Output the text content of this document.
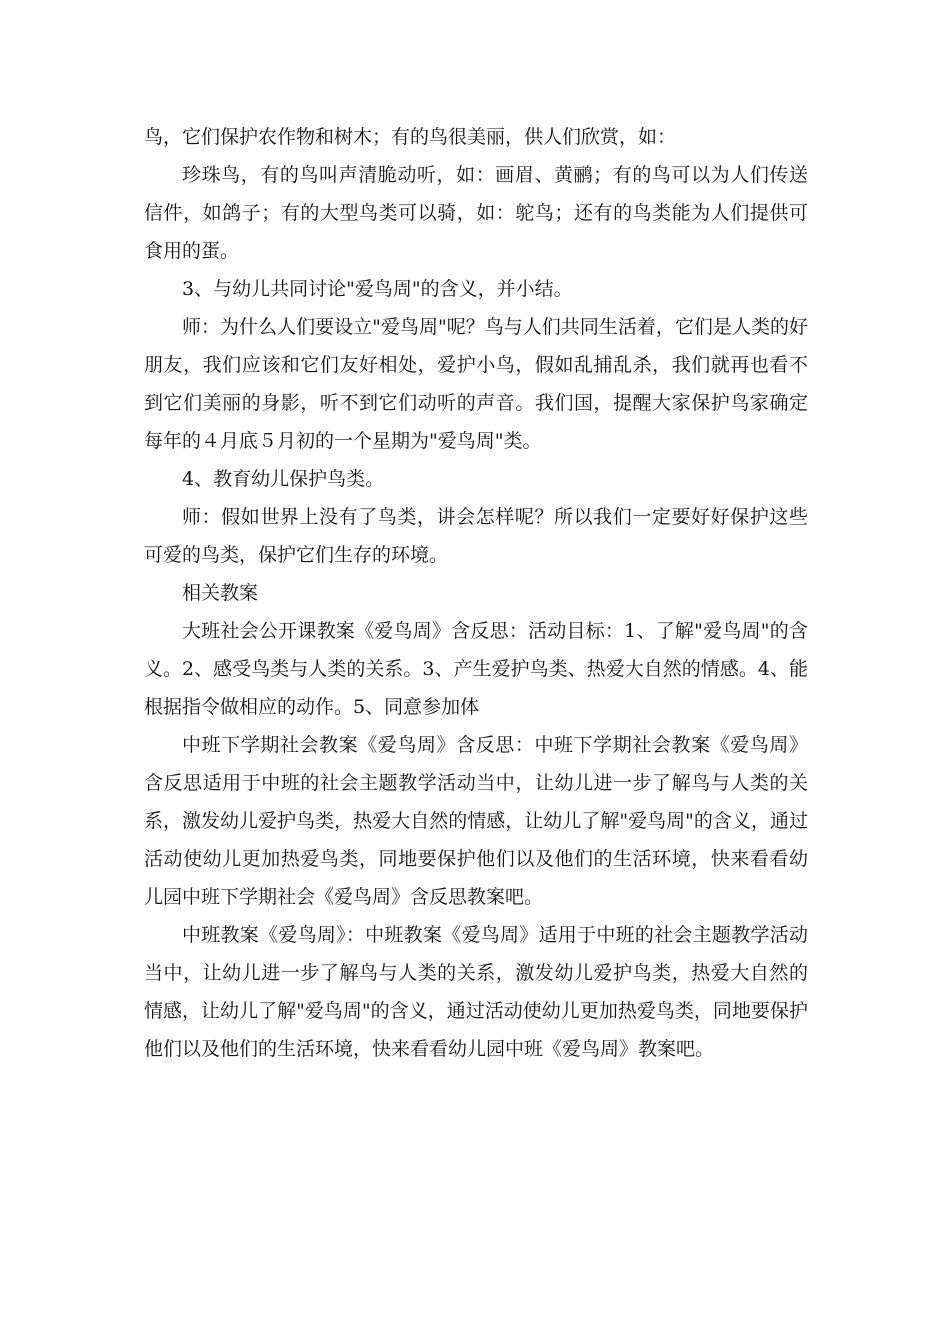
鸟，它们保护农作物和树木；有的鸟很美丽，供人们欣赏，如：

珍珠鸟，有的鸟叫声清脆动听，如：画眉、黄鹂；有的鸟可以为人们传送信件，如鸽子；有的大型鸟类可以骑，如：鸵鸟；还有的鸟类能为人们提供可食用的蛋。

3、与幼儿共同讨论"爱鸟周"的含义，并小结。

师：为什么人们要设立"爱鸟周"呢？鸟与人们共同生活着，它们是人类的好朋友，我们应该和它们友好相处，爱护小鸟，假如乱捕乱杀，我们就再也看不到它们美丽的身影，听不到它们动听的声音。我们国，提醒大家保护鸟家确定每年的４月底５月初的一个星期为"爱鸟周"类。

4、教育幼儿保护鸟类。

师：假如世界上没有了鸟类，讲会怎样呢？所以我们一定要好好保护这些可爱的鸟类，保护它们生存的环境。

相关教案

大班社会公开课教案《爱鸟周》含反思：活动目标：1、了解"爱鸟周"的含义。2、感受鸟类与人类的关系。3、产生爱护鸟类、热爱大自然的情感。4、能根据指令做相应的动作。5、同意参加体

中班下学期社会教案《爱鸟周》含反思：中班下学期社会教案《爱鸟周》含反思适用于中班的社会主题教学活动当中，让幼儿进一步了解鸟与人类的关系，激发幼儿爱护鸟类，热爱大自然的情感，让幼儿了解"爱鸟周"的含义，通过活动使幼儿更加热爱鸟类，同地要保护他们以及他们的生活环境，快来看看幼儿园中班下学期社会《爱鸟周》含反思教案吧。

中班教案《爱鸟周》：中班教案《爱鸟周》适用于中班的社会主题教学活动当中，让幼儿进一步了解鸟与人类的关系，激发幼儿爱护鸟类，热爱大自然的情感，让幼儿了解"爱鸟周"的含义，通过活动使幼儿更加热爱鸟类，同地要保护他们以及他们的生活环境，快来看看幼儿园中班《爱鸟周》教案吧。
